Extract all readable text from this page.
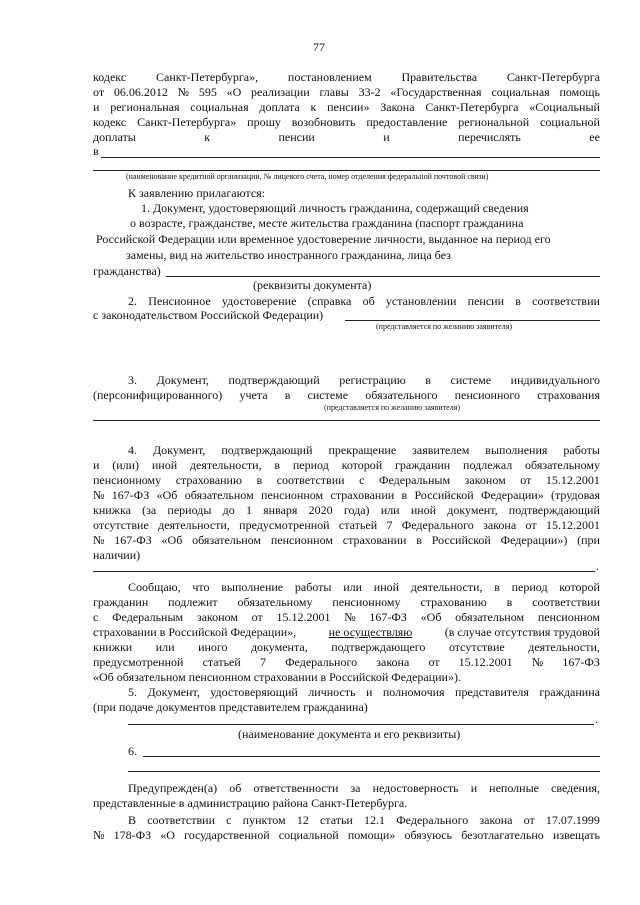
77
кодекс Санкт-Петербурга», постановлением Правительства Санкт-Петербурга
от 06.06.2012 № 595 «О реализации главы 33-2 «Государственная социальная помощь
и региональная социальная доплата к пенсии» Закона Санкт-Петербурга «Социальный
кодекс Санкт-Петербурга» прошу возобновить предоставление региональной социальной
доплаты	к	пенсии	и	перечислять	ее
в
(наименование кредитной организации, № лицевого счета, номер отделения федеральной почтовой связи)
К заявлению прилагаются:
1. Документ, удостоверяющий личность гражданина, содержащий сведения
о возрасте, гражданстве, месте жительства гражданина (паспорт гражданина
Российской Федерации или временное удостоверение личности, выданное на период его
замены, вид на жительство иностранного гражданина, лица без
гражданства)
(реквизиты документа)
2. Пенсионное удостоверение (справка об установлении пенсии в соответствии
с законодательством Российской Федерации)
(представляется по желанию заявителя)
3. Документ, подтверждающий регистрацию в системе индивидуального
(персонифицированного) учета в системе обязательного пенсионного страхования
(представляется по желанию заявителя)
4. Документ, подтверждающий прекращение заявителем выполнения работы
и (или) иной деятельности, в период которой гражданин подлежал обязательному
пенсионному страхованию в соответствии с Федеральным законом от 15.12.2001
№ 167-ФЗ «Об обязательном пенсионном страховании в Российской Федерации» (трудовая
книжка (за периоды до 1 января 2020 года) или иной документ, подтверждающий
отсутствие деятельности, предусмотренной статьей 7 Федерального закона от 15.12.2001
№ 167-ФЗ «Об обязательном пенсионном страховании в Российской Федерации») (при
наличии)
.
Сообщаю, что выполнение работы или иной деятельности, в период которой
гражданин подлежит обязательному пенсионному страхованию в соответствии
с Федеральным законом от 15.12.2001 № 167-ФЗ «Об обязательном пенсионном
страховании в Российской Федерации»,	не осуществляю	(в случае отсутствия трудовой
книжки или иного документа, подтверждающего отсутствие деятельности,
предусмотренной статьей 7 Федерального закона от 15.12.2001 № 167-ФЗ
«Об обязательном пенсионном страховании в Российской Федерации»).
5. Документ, удостоверяющий личность и полномочия представителя гражданина
(при подаче документов представителем гражданина)
.
(наименование документа и его реквизиты)
6.
Предупрежден(а) об ответственности за недостоверность и неполные сведения,
представленные в администрацию района Санкт-Петербурга.
В соответствии с пунктом 12 статьи 12.1 Федерального закона от 17.07.1999
№ 178-ФЗ «О государственной социальной помощи» обязуюсь безотлагательно извещать
